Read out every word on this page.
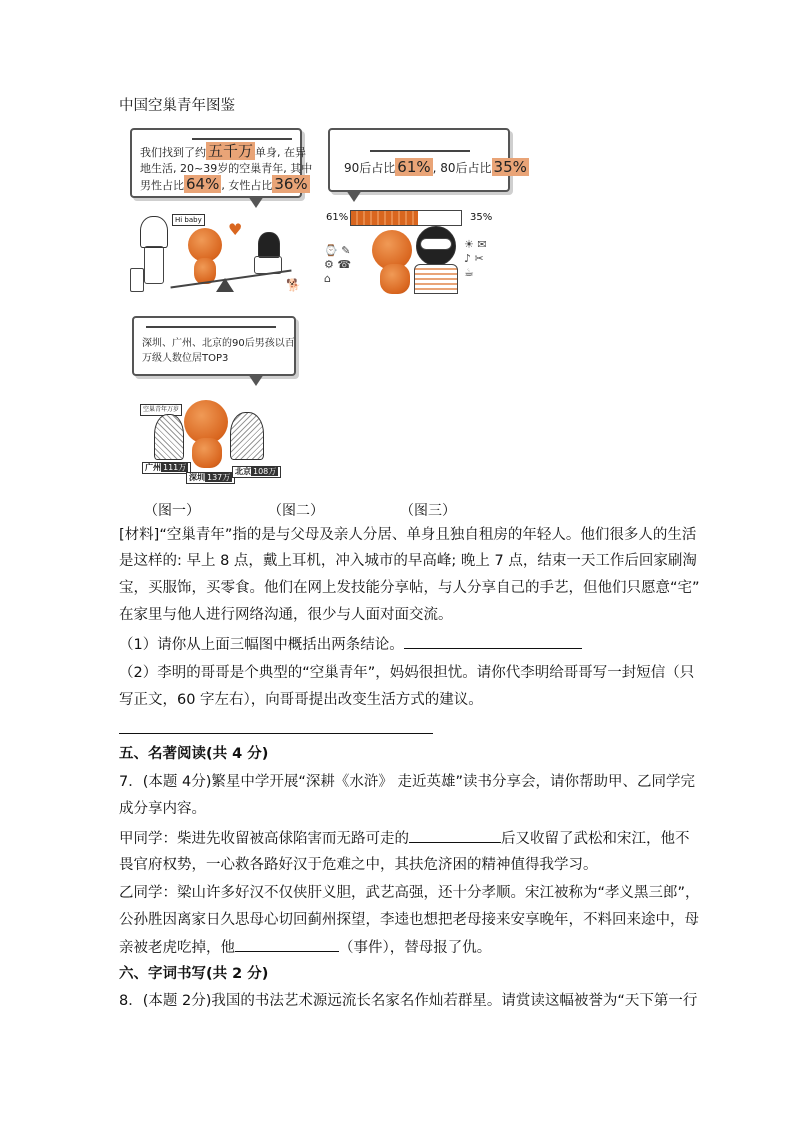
中国空巢青年图鉴
我们找到了约 五千万 单身, 在异
地生活, 20~39岁的空巢青年, 其中
男性占比 64% , 女性占比 36%
Hi baby ♥
🐕
90后占比 61% , 80后占比 35%
61%	35%
⌚ ✎
⚙ ☎
⌂
☀ ✉
♪ ✂
☕
深圳、广州、北京的90后男孩以百
万级人数位居TOP3
空巢青年万岁
广州 111万
深圳 137万
北京 108万
（图一）	（图二）	（图三）
[材料]“空巢青年”指的是与父母及亲人分居、单身且独自租房的年轻人。他们很多人的生活
是这样的: 早上 8 点，戴上耳机，冲入城市的早高峰; 晚上 7 点，结束一天工作后回家刷淘
宝，买服饰，买零食。他们在网上发技能分享帖，与人分享自己的手艺，但他们只愿意“宅”
在家里与他人进行网络沟通，很少与人面对面交流。
（1）请你从上面三幅图中概括出两条结论。
（2）李明的哥哥是个典型的“空巢青年”，妈妈很担忧。请你代李明给哥哥写一封短信（只
写正文，60 字左右），向哥哥提出改变生活方式的建议。
五、名著阅读(共 4 分)
7．(本题 4分)繁星中学开展“深耕《水浒》 走近英雄”读书分享会，请你帮助甲、乙同学完
成分享内容。
甲同学：柴进先收留被高俅陷害而无路可走的	后又收留了武松和宋江，他不
畏官府权势，一心救各路好汉于危难之中，其扶危济困的精神值得我学习。
乙同学：梁山许多好汉不仅侠肝义胆，武艺高强，还十分孝顺。宋江被称为“孝义黑三郎”，
公孙胜因离家日久思母心切回蓟州探望，李逵也想把老母接来安享晚年，不料回来途中，母
亲被老虎吃掉，他	（事件），替母报了仇。
六、字词书写(共 2 分)
8．(本题 2分)我国的书法艺术源远流长名家名作灿若群星。请赏读这幅被誉为“天下第一行
